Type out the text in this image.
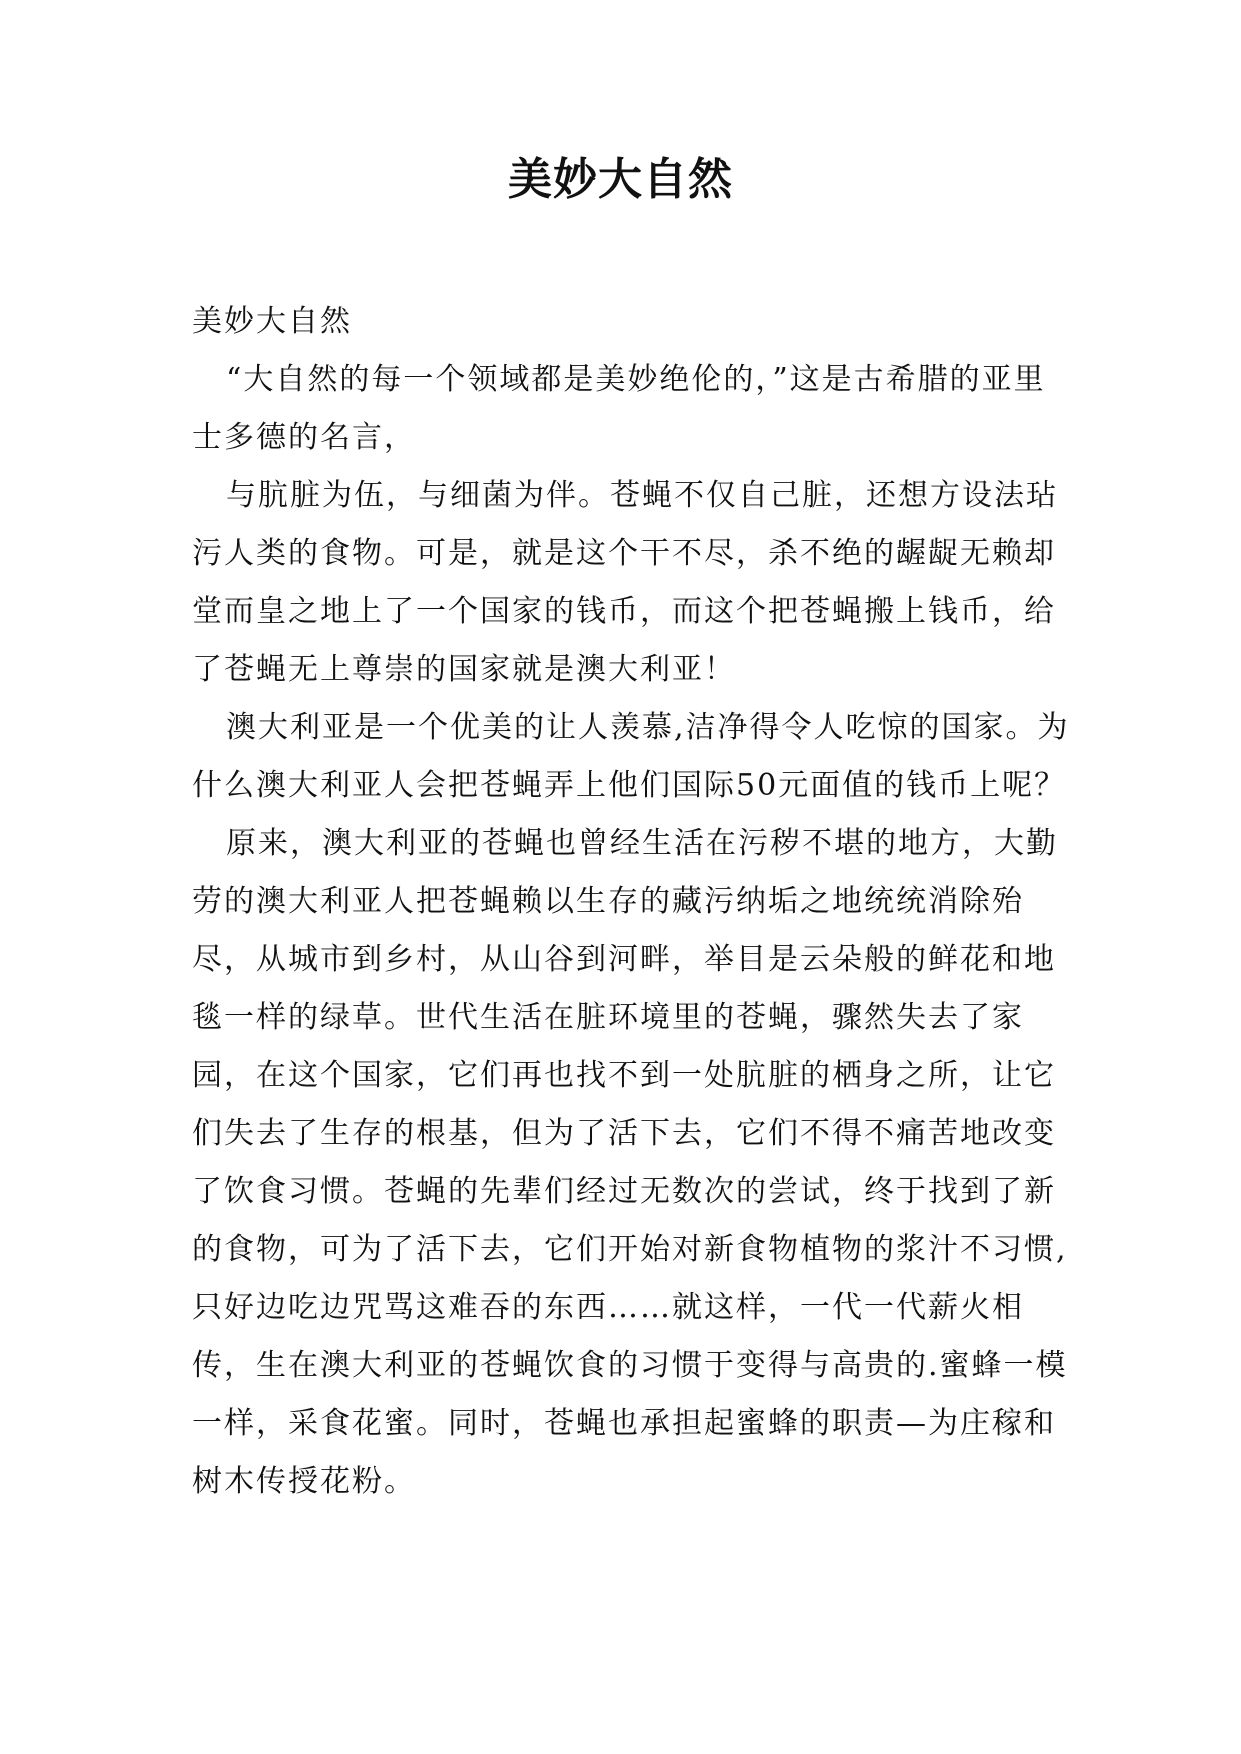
美妙大自然

美妙大自然

“大自然的每一个领域都是美妙绝伦的，”这是古希腊的亚里士多德的名言，

与肮脏为伍，与细菌为伴。苍蝇不仅自己脏，还想方设法玷污人类的食物。可是，就是这个干不尽，杀不绝的龌龊无赖却堂而皇之地上了一个国家的钱币，而这个把苍蝇搬上钱币，给了苍蝇无上尊崇的国家就是澳大利亚！

澳大利亚是一个优美的让人羡慕,洁净得令人吃惊的国家。为什么澳大利亚人会把苍蝇弄上他们国际50元面值的钱币上呢？

原来，澳大利亚的苍蝇也曾经生活在污秽不堪的地方，大勤劳的澳大利亚人把苍蝇赖以生存的藏污纳垢之地统统消除殆尽，从城市到乡村，从山谷到河畔，举目是云朵般的鲜花和地毯一样的绿草。世代生活在脏环境里的苍蝇，骤然失去了家园，在这个国家，它们再也找不到一处肮脏的栖身之所，让它们失去了生存的根基，但为了活下去，它们不得不痛苦地改变了饮食习惯。苍蝇的先辈们经过无数次的尝试，终于找到了新的食物，可为了活下去，它们开始对新食物植物的浆汁不习惯,只好边吃边咒骂这难吞的东西……就这样，一代一代薪火相传，生在澳大利亚的苍蝇饮食的习惯于变得与高贵的.蜜蜂一模一样，采食花蜜。同时，苍蝇也承担起蜜蜂的职责—为庄稼和树木传授花粉。
